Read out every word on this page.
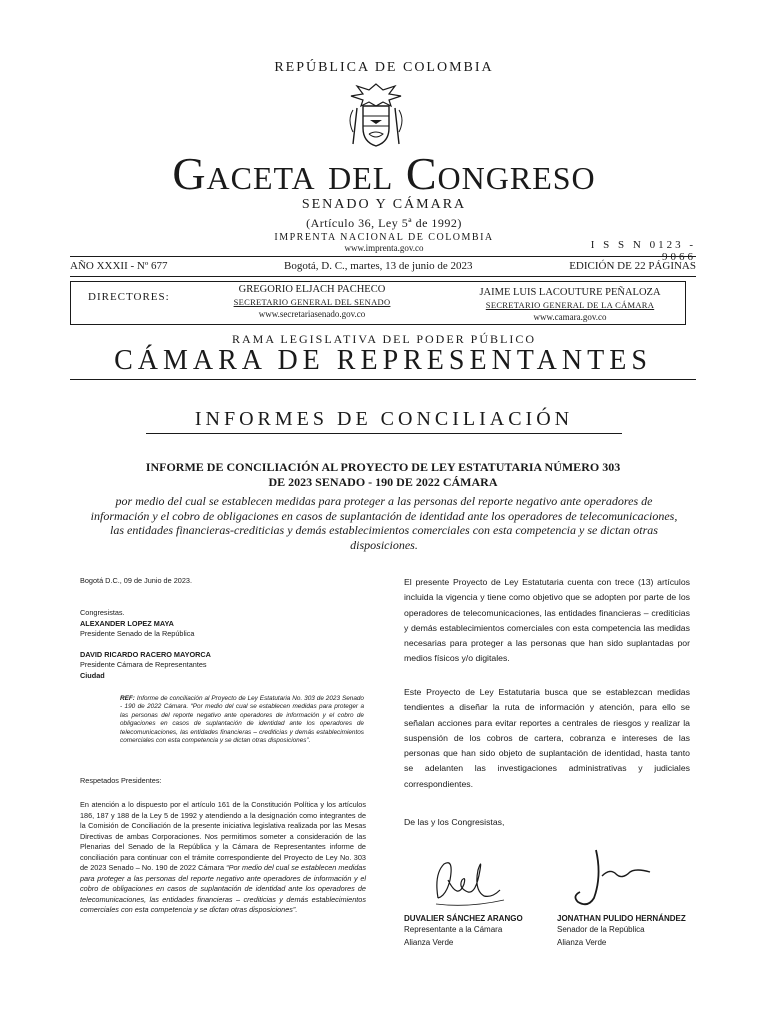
REPÚBLICA DE COLOMBIA
Gaceta del Congreso
SENADO Y CÁMARA
(Artículo 36, Ley 5ª de 1992)
IMPRENTA NACIONAL DE COLOMBIA
www.imprenta.gov.co	I S S N 0123 - 9066
AÑO XXXII - Nº 677	Bogotá, D. C., martes, 13 de junio de 2023	EDICIÓN DE 22 PÁGINAS
DIRECTORES:
GREGORIO ELJACH PACHECO
SECRETARIO GENERAL DEL SENADO
www.secretariasenado.gov.co
JAIME LUIS LACOUTURE PEÑALOZA
SECRETARIO GENERAL DE LA CÁMARA
www.camara.gov.co
RAMA LEGISLATIVA DEL PODER PÚBLICO
CÁMARA DE REPRESENTANTES
INFORMES DE CONCILIACIÓN
INFORME DE CONCILIACIÓN AL PROYECTO DE LEY ESTATUTARIA NÚMERO 303
DE 2023 SENADO - 190 DE 2022 CÁMARA
por medio del cual se establecen medidas para proteger a las personas del reporte negativo ante operadores de información y el cobro de obligaciones en casos de suplantación de identidad ante los operadores de telecomunicaciones, las entidades financieras-crediticias y demás establecimientos comerciales con esta competencia y se dictan otras disposiciones.
Bogotá D.C., 09 de Junio de 2023.
Congresistas.
ALEXANDER LOPEZ MAYA
Presidente Senado de la República
DAVID RICARDO RACERO MAYORCA
Presidente Cámara de Representantes
Ciudad
REF: Informe de conciliación al Proyecto de Ley Estatutaria No. 303 de 2023 Senado - 190 de 2022 Cámara. “Por medio del cual se establecen medidas para proteger a las personas del reporte negativo ante operadores de información y el cobro de obligaciones en casos de suplantación de identidad ante los operadores de telecomunicaciones, las entidades financieras – crediticias y demás establecimientos comerciales con esta competencia y se dictan otras disposiciones”.
Respetados Presidentes:
En atención a lo dispuesto por el artículo 161 de la Constitución Política y los artículos 186, 187 y 188 de la Ley 5 de 1992 y atendiendo a la designación como integrantes de la Comisión de Conciliación de la presente iniciativa legislativa realizada por las Mesas Directivas de ambas Corporaciones. Nos permitimos someter a consideración de las Plenarias del Senado de la República y la Cámara de Representantes informe de conciliación para continuar con el trámite correspondiente del Proyecto de Ley No. 303 de 2023 Senado – No. 190 de 2022 Cámara “Por medio del cual se establecen medidas para proteger a las personas del reporte negativo ante operadores de información y el cobro de obligaciones en casos de suplantación de identidad ante los operadores de telecomunicaciones, las entidades financieras – crediticias y demás establecimientos comerciales con esta competencia y se dictan otras disposiciones”.
El presente Proyecto de Ley Estatutaria cuenta con trece (13) artículos incluida la vigencia y tiene como objetivo que se adopten por parte de los operadores de telecomunicaciones, las entidades financieras – crediticias y demás establecimientos comerciales con esta competencia las medidas necesarias para proteger a las personas que han sido suplantadas por medios físicos y/o digitales.
Este Proyecto de Ley Estatutaria busca que se establezcan medidas tendientes a diseñar la ruta de información y atención, para ello se señalan acciones para evitar reportes a centrales de riesgos y realizar la suspensión de los cobros de cartera, cobranza e intereses de las personas que han sido objeto de suplantación de identidad, hasta tanto se adelanten las investigaciones administrativas y judiciales correspondientes.
De las y los Congresistas,
DUVALIER SÁNCHEZ ARANGO
Representante a la Cámara
Alianza Verde
JONATHAN PULIDO HERNÁNDEZ
Senador de la República
Alianza Verde
